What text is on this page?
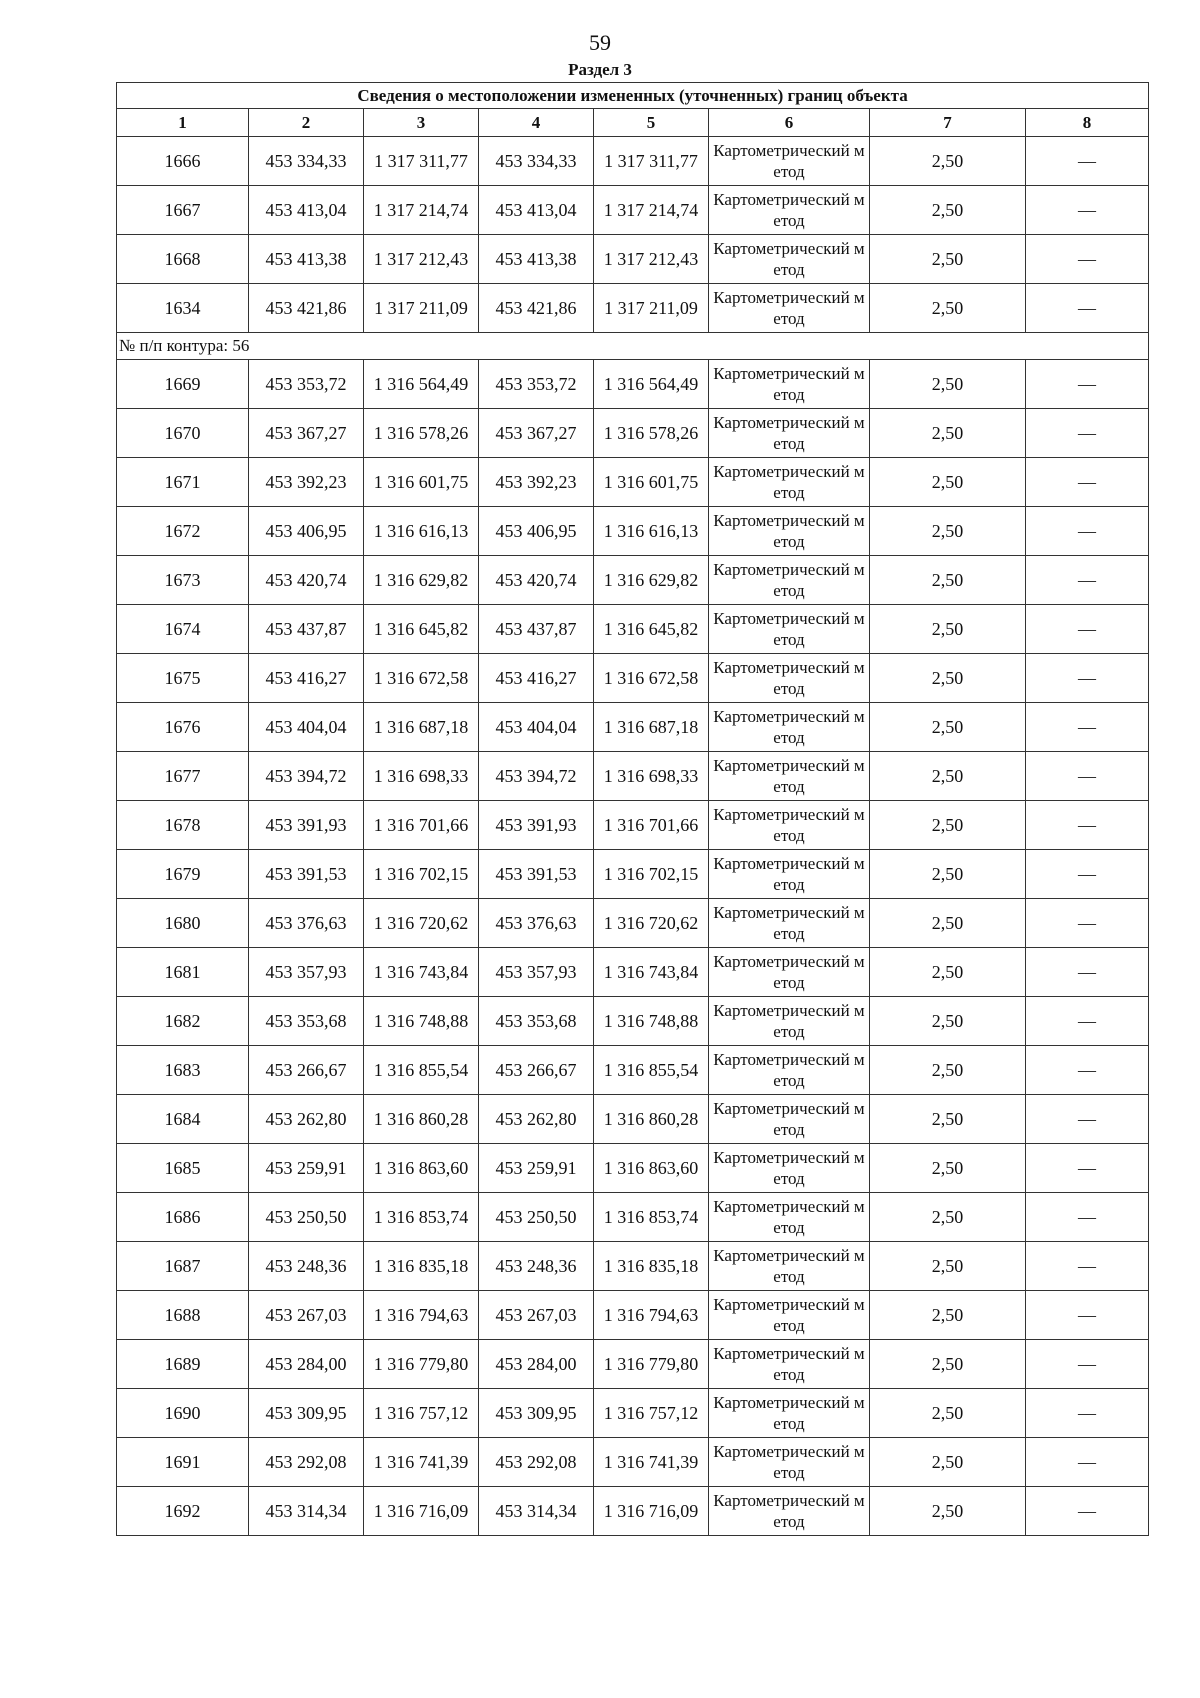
59
Раздел 3
Сведения о местоположении измененных (уточненных) границ объекта							
1	2	3	4	5	6	7	8
1666	453 334,33	1 317 311,77	453 334,33	1 317 311,77	Картометрический метод	2,50	—
1667	453 413,04	1 317 214,74	453 413,04	1 317 214,74	Картометрический метод	2,50	—
1668	453 413,38	1 317 212,43	453 413,38	1 317 212,43	Картометрический метод	2,50	—
1634	453 421,86	1 317 211,09	453 421,86	1 317 211,09	Картометрический метод	2,50	—
№ п/п контура: 56							
1669	453 353,72	1 316 564,49	453 353,72	1 316 564,49	Картометрический метод	2,50	—
1670	453 367,27	1 316 578,26	453 367,27	1 316 578,26	Картометрический метод	2,50	—
1671	453 392,23	1 316 601,75	453 392,23	1 316 601,75	Картометрический метод	2,50	—
1672	453 406,95	1 316 616,13	453 406,95	1 316 616,13	Картометрический метод	2,50	—
1673	453 420,74	1 316 629,82	453 420,74	1 316 629,82	Картометрический метод	2,50	—
1674	453 437,87	1 316 645,82	453 437,87	1 316 645,82	Картометрический метод	2,50	—
1675	453 416,27	1 316 672,58	453 416,27	1 316 672,58	Картометрический метод	2,50	—
1676	453 404,04	1 316 687,18	453 404,04	1 316 687,18	Картометрический метод	2,50	—
1677	453 394,72	1 316 698,33	453 394,72	1 316 698,33	Картометрический метод	2,50	—
1678	453 391,93	1 316 701,66	453 391,93	1 316 701,66	Картометрический метод	2,50	—
1679	453 391,53	1 316 702,15	453 391,53	1 316 702,15	Картометрический метод	2,50	—
1680	453 376,63	1 316 720,62	453 376,63	1 316 720,62	Картометрический метод	2,50	—
1681	453 357,93	1 316 743,84	453 357,93	1 316 743,84	Картометрический метод	2,50	—
1682	453 353,68	1 316 748,88	453 353,68	1 316 748,88	Картометрический метод	2,50	—
1683	453 266,67	1 316 855,54	453 266,67	1 316 855,54	Картометрический метод	2,50	—
1684	453 262,80	1 316 860,28	453 262,80	1 316 860,28	Картометрический метод	2,50	—
1685	453 259,91	1 316 863,60	453 259,91	1 316 863,60	Картометрический метод	2,50	—
1686	453 250,50	1 316 853,74	453 250,50	1 316 853,74	Картометрический метод	2,50	—
1687	453 248,36	1 316 835,18	453 248,36	1 316 835,18	Картометрический метод	2,50	—
1688	453 267,03	1 316 794,63	453 267,03	1 316 794,63	Картометрический метод	2,50	—
1689	453 284,00	1 316 779,80	453 284,00	1 316 779,80	Картометрический метод	2,50	—
1690	453 309,95	1 316 757,12	453 309,95	1 316 757,12	Картометрический метод	2,50	—
1691	453 292,08	1 316 741,39	453 292,08	1 316 741,39	Картометрический метод	2,50	—
1692	453 314,34	1 316 716,09	453 314,34	1 316 716,09	Картометрический метод	2,50	—
